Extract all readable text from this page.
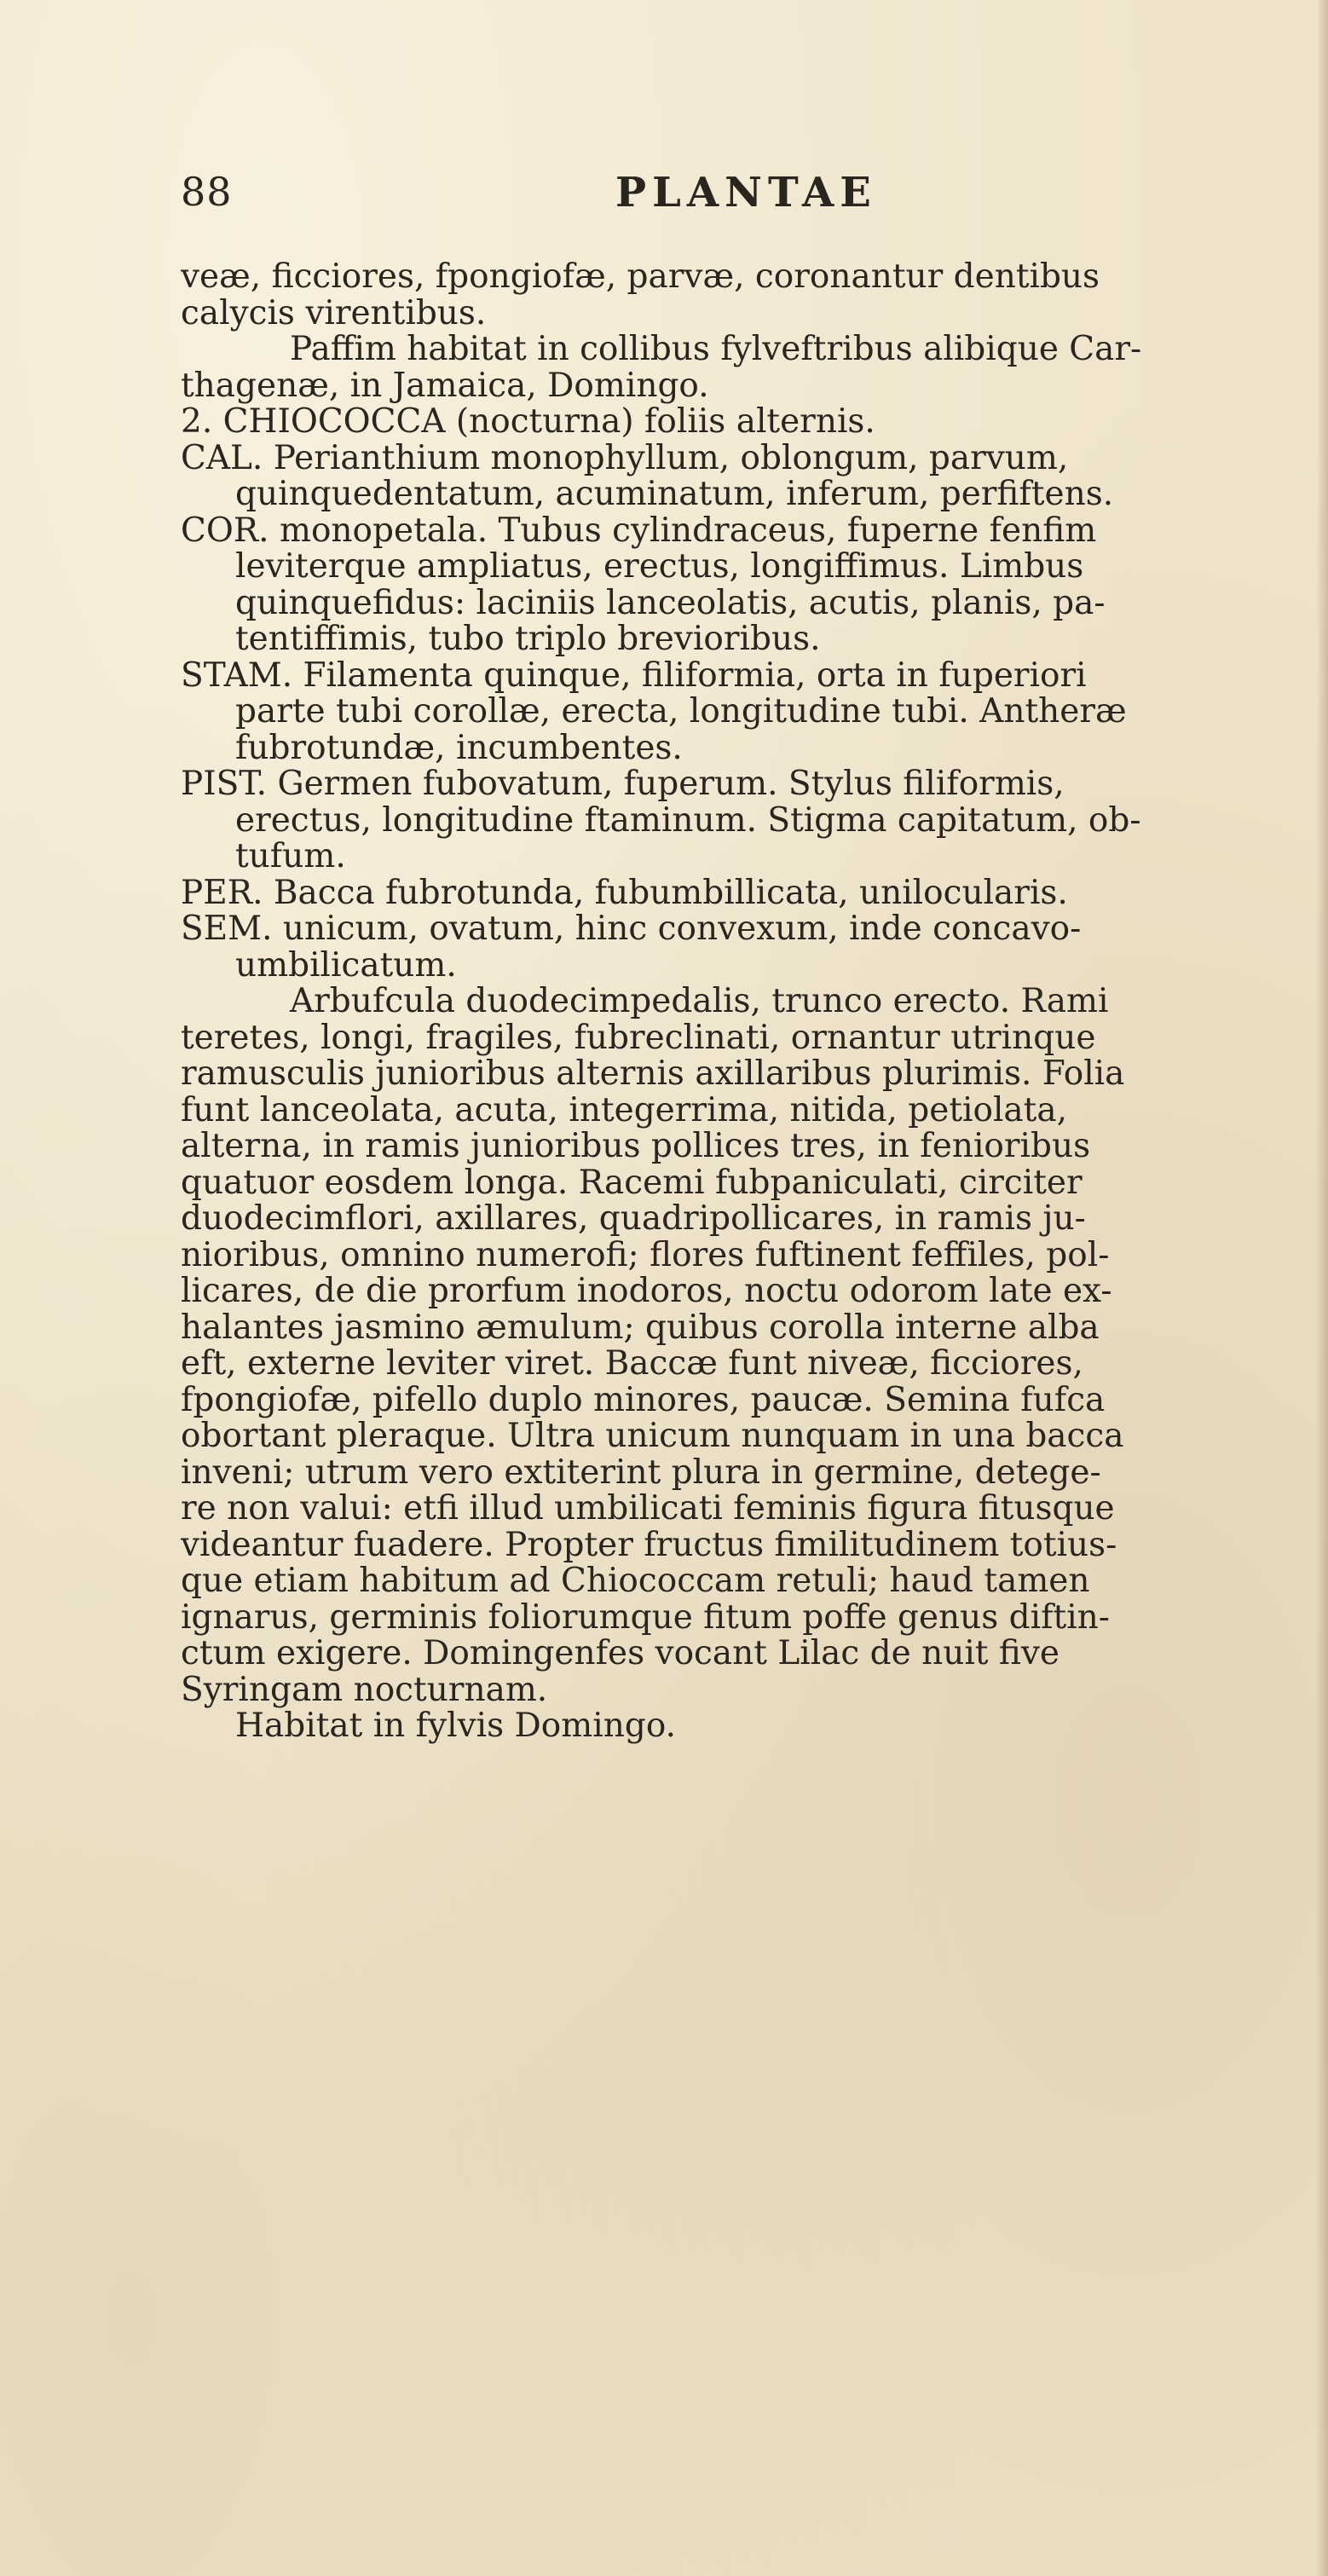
88	PLANTAE
veæ, ficciores, fpongiofæ, parvæ, coronantur dentibus
calycis virentibus.
Paffim habitat in collibus fylveftribus alibique Car-
thagenæ, in Jamaica, Domingo.
2. CHIOCOCCA (nocturna) foliis alternis.
CAL. Perianthium monophyllum, oblongum, parvum,
quinquedentatum, acuminatum, inferum, perfiftens.
COR. monopetala. Tubus cylindraceus, fuperne fenfim
leviterque ampliatus, erectus, longiffimus. Limbus
quinquefidus: laciniis lanceolatis, acutis, planis, pa-
tentiffimis, tubo triplo brevioribus.
STAM. Filamenta quinque, filiformia, orta in fuperiori
parte tubi corollæ, erecta, longitudine tubi. Antheræ
fubrotundæ, incumbentes.
PIST. Germen fubovatum, fuperum. Stylus filiformis,
erectus, longitudine ftaminum. Stigma capitatum, ob-
tufum.
PER. Bacca fubrotunda, fubumbillicata, unilocularis.
SEM. unicum, ovatum, hinc convexum, inde concavo-
umbilicatum.
Arbufcula duodecimpedalis, trunco erecto. Rami
teretes, longi, fragiles, fubreclinati, ornantur utrinque
ramusculis junioribus alternis axillaribus plurimis. Folia
funt lanceolata, acuta, integerrima, nitida, petiolata,
alterna, in ramis junioribus pollices tres, in fenioribus
quatuor eosdem longa. Racemi fubpaniculati, circiter
duodecimflori, axillares, quadripollicares, in ramis ju-
nioribus, omnino numerofi; flores fuftinent feffiles, pol-
licares, de die prorfum inodoros, noctu odorom late ex-
halantes jasmino æmulum; quibus corolla interne alba
eft, externe leviter viret. Baccæ funt niveæ, ficciores,
fpongiofæ, pifello duplo minores, paucæ. Semina fufca
obortant pleraque. Ultra unicum nunquam in una bacca
inveni; utrum vero extiterint plura in germine, detege-
re non valui: etfi illud umbilicati feminis figura fitusque
videantur fuadere. Propter fructus fimilitudinem totius-
que etiam habitum ad Chiococcam retuli; haud tamen
ignarus, germinis foliorumque fitum poffe genus diftin-
ctum exigere. Domingenfes vocant Lilac de nuit five
Syringam nocturnam.
Habitat in fylvis Domingo.
